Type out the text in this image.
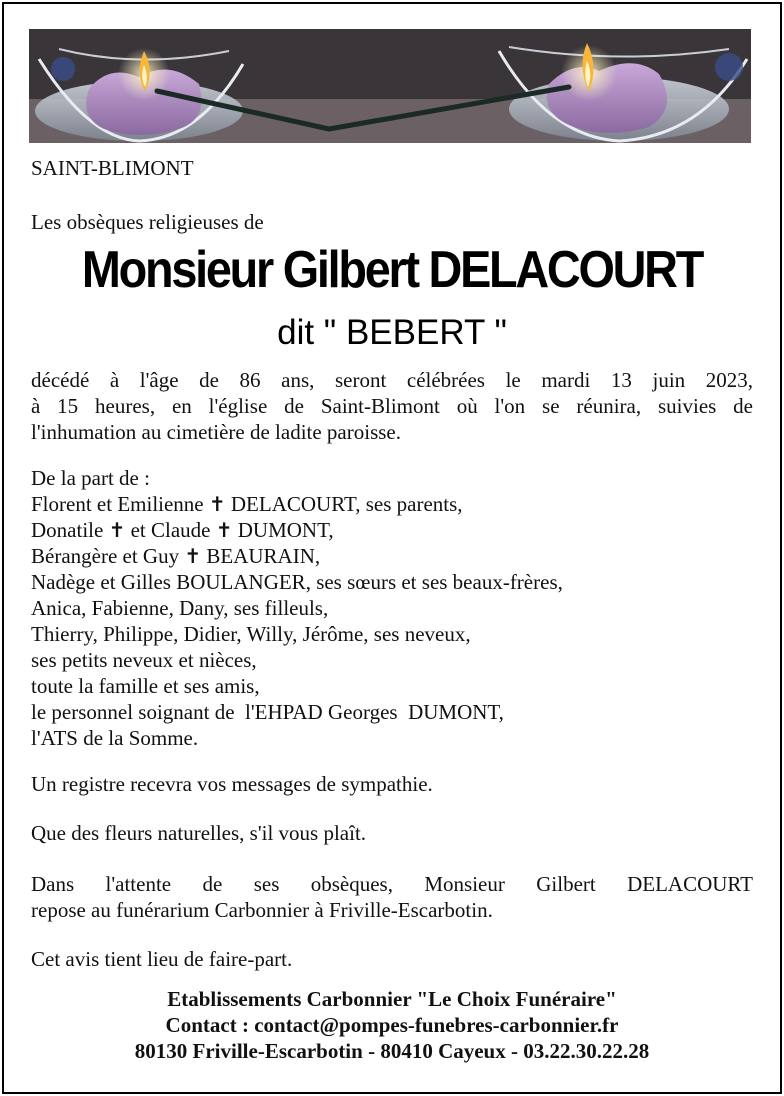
SAINT-BLIMONT
Les obsèques religieuses de
Monsieur Gilbert DELACOURT
dit " BEBERT "
décédé à l'âge de 86 ans, seront célébrées le mardi 13 juin 2023,
à 15 heures, en l'église de Saint-Blimont où l'on se réunira, suivies de
l'inhumation au cimetière de ladite paroisse.
De la part de :
Florent et Emilienne ✝ DELACOURT, ses parents,
Donatile ✝ et Claude ✝ DUMONT,
Bérangère et Guy ✝ BEAURAIN,
Nadège et Gilles BOULANGER, ses sœurs et ses beaux-frères,
Anica, Fabienne, Dany, ses filleuls,
Thierry, Philippe, Didier, Willy, Jérôme, ses neveux,
ses petits neveux et nièces,
toute la famille et ses amis,
le personnel soignant de  l'EHPAD Georges  DUMONT,
l'ATS de la Somme.
Un registre recevra vos messages de sympathie.
Que des fleurs naturelles, s'il vous plaît.
Dans l'attente de ses obsèques, Monsieur Gilbert DELACOURT
repose au funérarium Carbonnier à Friville-Escarbotin.
Cet avis tient lieu de faire-part.
Etablissements Carbonnier "Le Choix Funéraire"
Contact : contact@pompes-funebres-carbonnier.fr
80130 Friville-Escarbotin - 80410 Cayeux - 03.22.30.22.28
